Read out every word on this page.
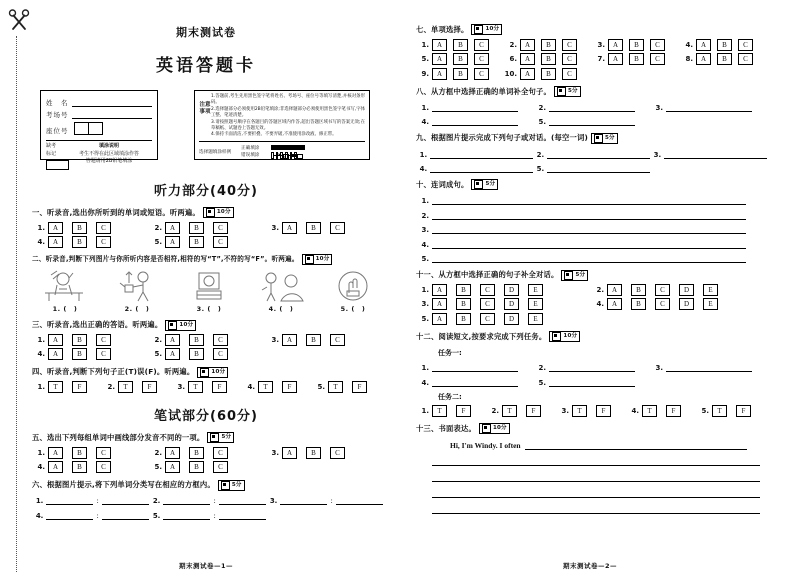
期末测试卷
英语答题卡
姓　名
考场号
座位号
缺考
标记
填涂说明
考生不得在此区域填涂作答
答题请用2B铅笔填涂
注意事项
1.答题前,考生先用黑色签字笔将姓名、考场号、座位号等填写清楚,并核对条形码。
2.选择题部分必须使用2B铅笔填涂;非选择题部分必须使用黑色签字笔书写,字体工整、笔迹清楚。
3.请按照题号顺序在各题目的答题区域内作答,超出答题区域书写的答案无效;在草稿纸、试题卷上答题无效。
4.保持卡面清洁,不要折叠、不要弄破,不准使用涂改液、修正带。
选择题填涂样例
正确填涂
错误填涂
听力部分(40分)
一、听录音,选出你所听到的单词或短语。听两遍。	10分
1.	A	B	C	2.	A	B	C	3.	A	B	C
4.	A	B	C	5.	A	B	C
二、听录音,判断下列图片与你所听内容是否相符,相符的写“T”,不符的写“F”。听两遍。	10分
1. (　)	2. (　)	3. (　)	4. (　)	5. (　)
三、听录音,选出正确的答语。听两遍。	10分
1.	A	B	C	2.	A	B	C	3.	A	B	C
4.	A	B	C	5.	A	B	C
四、听录音,判断下列句子正(T)误(F)。听两遍。	10分
1.	T	F	2.	T	F	3.	T	F	4.	T	F	5.	T	F
笔试部分(60分)
五、选出下列每组单词中画线部分发音不同的一项。	5分
1.	A	B	C	2.	A	B	C	3.	A	B	C
4.	A	B	C	5.	A	B	C
六、根据图片提示,将下列单词分类写在相应的方框内。	5分
1.	:	2.	:	3.	:
4.	:	5.	:
期末测试卷—1—
七、单项选择。	10分
1.	A	B	C	2.	A	B	C	3.	A	B	C	4.	A	B	C
5.	A	B	C	6.	A	B	C	7.	A	B	C	8.	A	B	C
9.	A	B	C	10.	A	B	C
八、从方框中选择正确的单词补全句子。	5分
1.	2.	3.
4.	5.
九、根据图片提示完成下列句子或对话。(每空一词)	5分
1.	2.	3.
4.	5.
十、连词成句。	5分
1.
2.
3.
4.
5.
十一、从方框中选择正确的句子补全对话。	5分
1.	A	B	C	D	E	2.	A	B	C	D	E
3.	A	B	C	D	E	4.	A	B	C	D	E
5.	A	B	C	D	E
十二、阅读短文,按要求完成下列任务。	10分
任务一:
1.	2.	3.
4.	5.
任务二:
1.	T	F	2.	T	F	3.	T	F	4.	T	F	5.	T	F
十三、书面表达。	10分
Hi, I'm Windy. I often
期末测试卷—2—
